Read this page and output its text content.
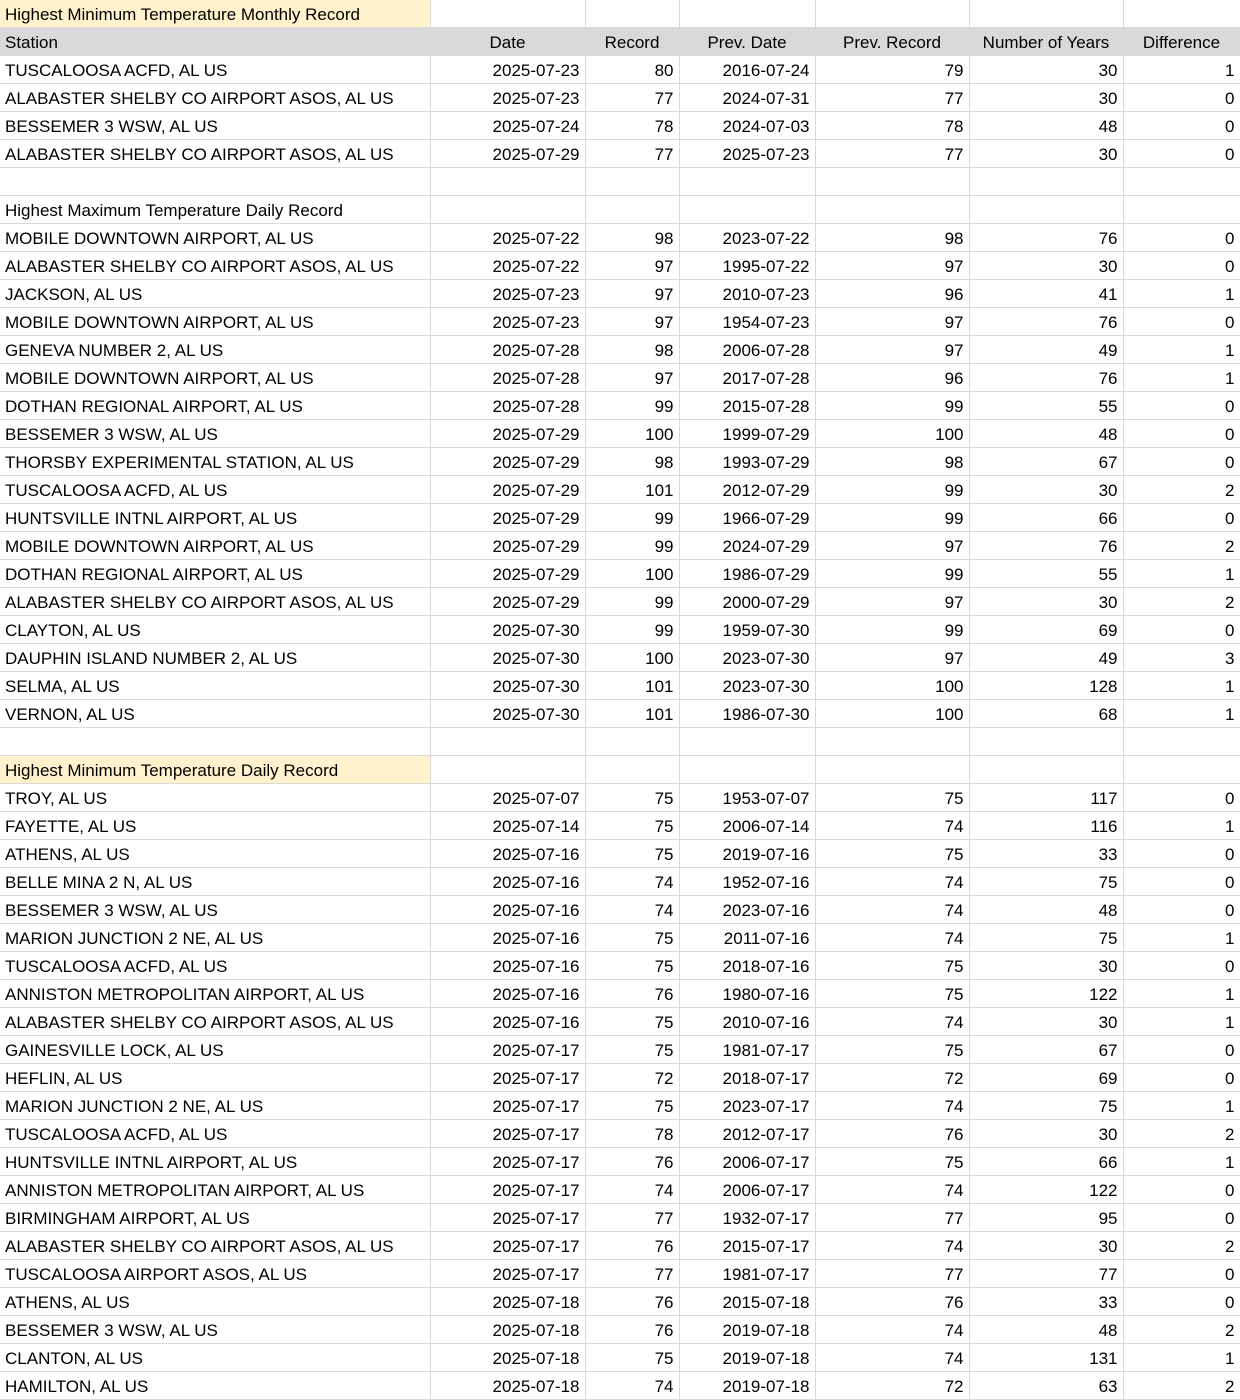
Highest Minimum Temperature Monthly Record						
Station	Date	Record	Prev. Date	Prev. Record	Number of Years	Difference
TUSCALOOSA ACFD, AL US	2025-07-23	80	2016-07-24	79	30	1
ALABASTER SHELBY CO AIRPORT ASOS, AL US	2025-07-23	77	2024-07-31	77	30	0
BESSEMER 3 WSW, AL US	2025-07-24	78	2024-07-03	78	48	0
ALABASTER SHELBY CO AIRPORT ASOS, AL US	2025-07-29	77	2025-07-23	77	30	0

Highest Maximum Temperature Daily Record						
MOBILE DOWNTOWN AIRPORT, AL US	2025-07-22	98	2023-07-22	98	76	0
ALABASTER SHELBY CO AIRPORT ASOS, AL US	2025-07-22	97	1995-07-22	97	30	0
JACKSON, AL US	2025-07-23	97	2010-07-23	96	41	1
MOBILE DOWNTOWN AIRPORT, AL US	2025-07-23	97	1954-07-23	97	76	0
GENEVA NUMBER 2, AL US	2025-07-28	98	2006-07-28	97	49	1
MOBILE DOWNTOWN AIRPORT, AL US	2025-07-28	97	2017-07-28	96	76	1
DOTHAN REGIONAL AIRPORT, AL US	2025-07-28	99	2015-07-28	99	55	0
BESSEMER 3 WSW, AL US	2025-07-29	100	1999-07-29	100	48	0
THORSBY EXPERIMENTAL STATION, AL US	2025-07-29	98	1993-07-29	98	67	0
TUSCALOOSA ACFD, AL US	2025-07-29	101	2012-07-29	99	30	2
HUNTSVILLE INTNL AIRPORT, AL US	2025-07-29	99	1966-07-29	99	66	0
MOBILE DOWNTOWN AIRPORT, AL US	2025-07-29	99	2024-07-29	97	76	2
DOTHAN REGIONAL AIRPORT, AL US	2025-07-29	100	1986-07-29	99	55	1
ALABASTER SHELBY CO AIRPORT ASOS, AL US	2025-07-29	99	2000-07-29	97	30	2
CLAYTON, AL US	2025-07-30	99	1959-07-30	99	69	0
DAUPHIN ISLAND NUMBER 2, AL US	2025-07-30	100	2023-07-30	97	49	3
SELMA, AL US	2025-07-30	101	2023-07-30	100	128	1
VERNON, AL US	2025-07-30	101	1986-07-30	100	68	1

Highest Minimum Temperature Daily Record						
TROY, AL US	2025-07-07	75	1953-07-07	75	117	0
FAYETTE, AL US	2025-07-14	75	2006-07-14	74	116	1
ATHENS, AL US	2025-07-16	75	2019-07-16	75	33	0
BELLE MINA 2 N, AL US	2025-07-16	74	1952-07-16	74	75	0
BESSEMER 3 WSW, AL US	2025-07-16	74	2023-07-16	74	48	0
MARION JUNCTION 2 NE, AL US	2025-07-16	75	2011-07-16	74	75	1
TUSCALOOSA ACFD, AL US	2025-07-16	75	2018-07-16	75	30	0
ANNISTON METROPOLITAN AIRPORT, AL US	2025-07-16	76	1980-07-16	75	122	1
ALABASTER SHELBY CO AIRPORT ASOS, AL US	2025-07-16	75	2010-07-16	74	30	1
GAINESVILLE LOCK, AL US	2025-07-17	75	1981-07-17	75	67	0
HEFLIN, AL US	2025-07-17	72	2018-07-17	72	69	0
MARION JUNCTION 2 NE, AL US	2025-07-17	75	2023-07-17	74	75	1
TUSCALOOSA ACFD, AL US	2025-07-17	78	2012-07-17	76	30	2
HUNTSVILLE INTNL AIRPORT, AL US	2025-07-17	76	2006-07-17	75	66	1
ANNISTON METROPOLITAN AIRPORT, AL US	2025-07-17	74	2006-07-17	74	122	0
BIRMINGHAM AIRPORT, AL US	2025-07-17	77	1932-07-17	77	95	0
ALABASTER SHELBY CO AIRPORT ASOS, AL US	2025-07-17	76	2015-07-17	74	30	2
TUSCALOOSA AIRPORT ASOS, AL US	2025-07-17	77	1981-07-17	77	77	0
ATHENS, AL US	2025-07-18	76	2015-07-18	76	33	0
BESSEMER 3 WSW, AL US	2025-07-18	76	2019-07-18	74	48	2
CLANTON, AL US	2025-07-18	75	2019-07-18	74	131	1
HAMILTON, AL US	2025-07-18	74	2019-07-18	72	63	2
